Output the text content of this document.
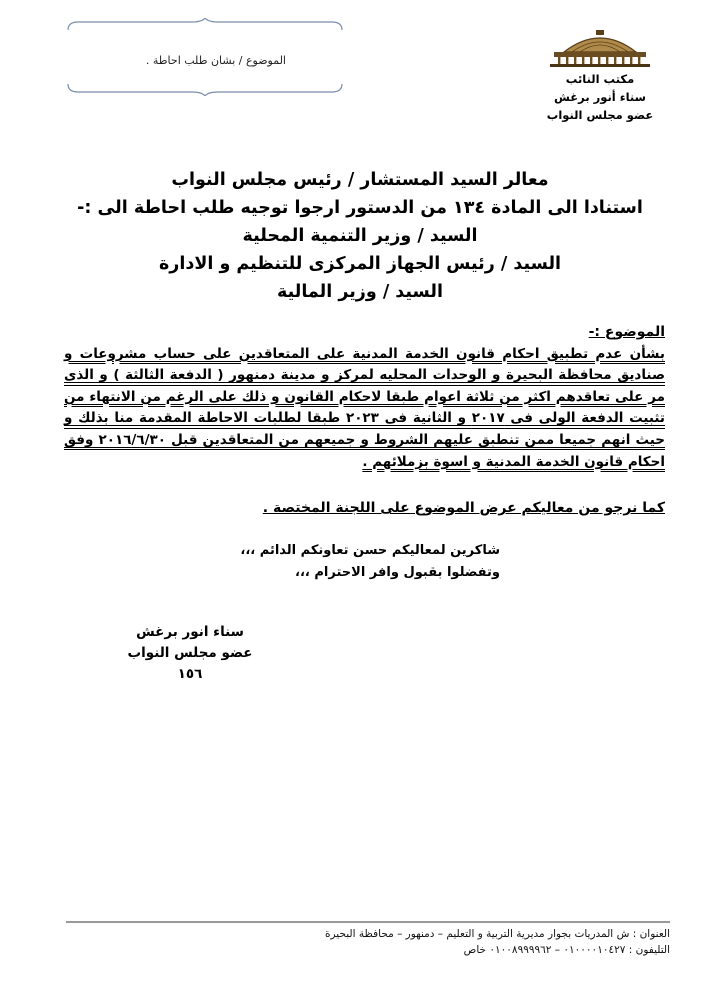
الموضوع / بشان طلب احاطة .
مكتب النائب
سناء أنور برغش
عضو مجلس النواب
معالر السيد المستشار / رئيس مجلس النواب
استنادا الى المادة ١٣٤ من الدستور ارجوا توجيه طلب احاطة الى :-
السيد / وزير التنمية المحلية
السيد / رئيس الجهاز المركزى للتنظيم و الادارة
السيد / وزير المالية
الموضوع :-
بشأن عدم تطبيق احكام قانون الخدمة المدنية على المتعاقدين على حساب مشروعات و صناديق محافظة البحيرة و الوحدات المحليه لمركز و مدينة دمنهور ( الدفعة الثالثة ) و الذى مر على تعاقدهم اكثر من ثلاثة اعوام طبقا لاحكام القانون و ذلك على الرغم من الانتهاء من تثبيت الدفعة الولى فى ٢٠١٧ و الثانية فى ٢٠٢٣ طبقا لطلبات الاحاطة المقدمة منا بذلك و حيث انهم جميعا ممن تنطبق عليهم الشروط و جميعهم من المتعاقدين قبل ٢٠١٦/٦/٣٠ وفق احكام قانون الخدمة المدنية و اسوة بزملائهم .
كما نرجو من معاليكم عرض الموضوع على اللجنة المختصة .
شاكرين لمعاليكم حسن تعاونكم الدائم ،،،
وتفضلوا بقبول وافر الاحترام ،،،
سناء انور برغش
عضو مجلس النواب
١٥٦
العنوان : ش المدريات بجوار مديرية التربية و التعليم – دمنهور – محافظة البحيرة
التليفون : ٠١٠٠٠٠١٠٤٢٧ – ٠١٠٠٨٩٩٩٩٦٢ خاص
